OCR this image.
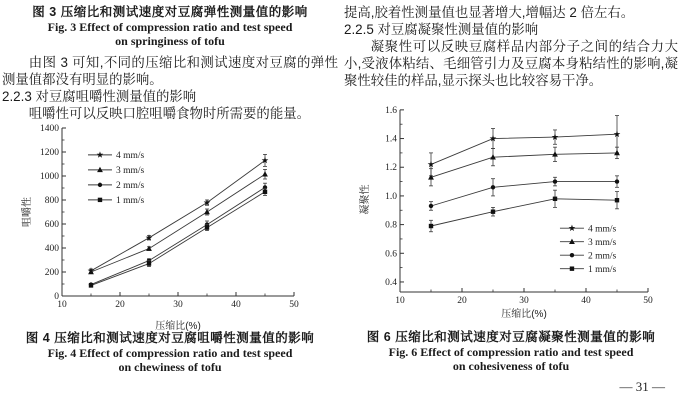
图 3 压缩比和测试速度对豆腐弹性测量值的影响
Fig. 3 Effect of compression ratio and test speed
on springiness of tofu

由图 3 可知,不同的压缩比和测试速度对豆腐的弹性测量值都没有明显的影响。

2.2.3 对豆腐咀嚼性测量值的影响

咀嚼性可以反映口腔咀嚼食物时所需要的能量。

10	20	30	40	50
0
200
400
600
800
1000
1200
1400
压缩比(%)
咀嚼性
4 mm/s
3 mm/s
2 mm/s
1 mm/s
图 4 压缩比和测试速度对豆腐咀嚼性测量值的影响
Fig. 4 Effect of compression ratio and test speed
on chewiness of tofu

提高,胶着性测量值也显著增大,增幅达 2 倍左右。

2.2.5 对豆腐凝聚性测量值的影响

凝聚性可以反映豆腐样品内部分子之间的结合力大小,受液体粘结、毛细管引力及豆腐本身粘结性的影响,凝聚性较佳的样品,显示探头也比较容易干净。

10	20	30	40	50
0.4
0.6
0.8
1.0
1.2
1.4
1.6
压缩比(%)
凝聚性
4 mm/s
3 mm/s
2 mm/s
1 mm/s
图 6 压缩比和测试速度对豆腐凝聚性测量值的影响
Fig. 6 Effect of compression ratio and test speed
on cohesiveness of tofu
— 31 —
